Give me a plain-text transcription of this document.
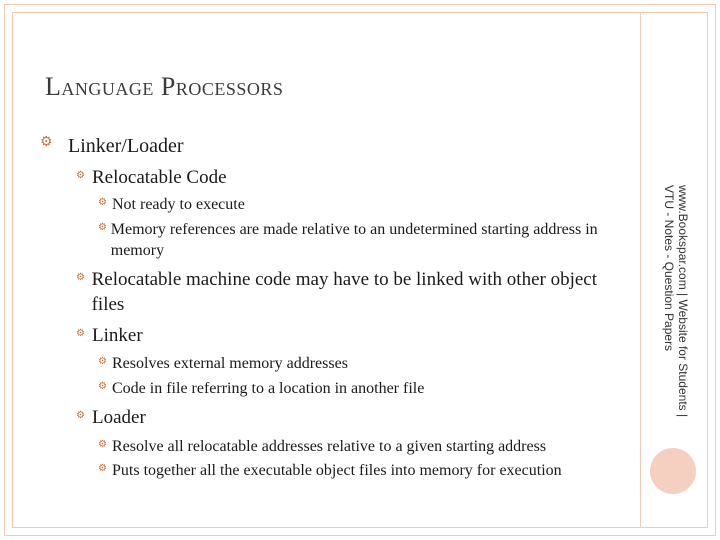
Language Processors
⚙ Linker/Loader
⚙ Relocatable Code
⚙ Not ready to execute
⚙ Memory references are made relative to an undetermined starting address in memory
⚙ Relocatable machine code may have to be linked with other object files
⚙ Linker
⚙ Resolves external memory addresses
⚙ Code in file referring to a location in another file
⚙ Loader
⚙ Resolve all relocatable addresses relative to a given starting address
⚙ Puts together all the executable object files into memory for execution
www.Bookspar.com | Website for Students |
VTU - Notes - Question Papers
